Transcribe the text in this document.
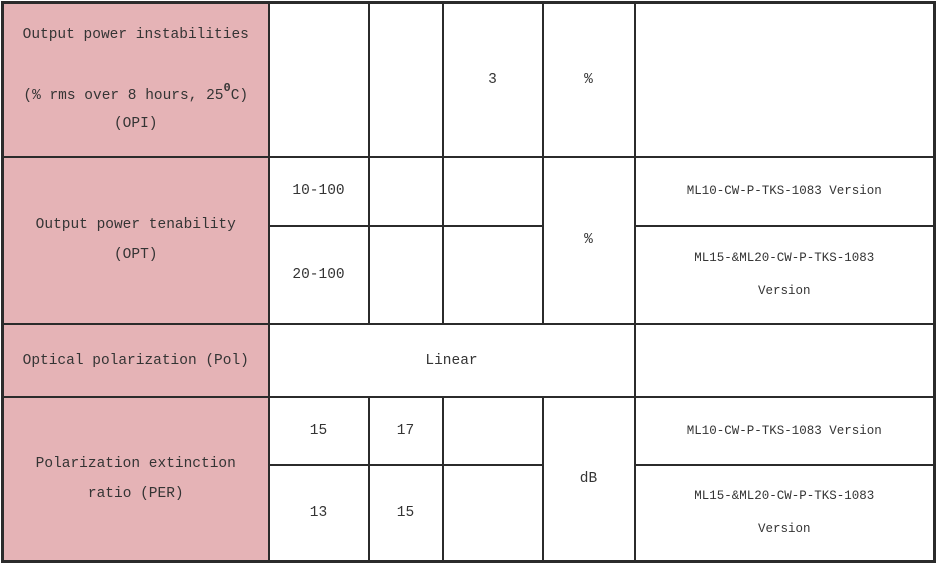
Output power instabilities
(% rms over 8 hours, $25^0C$)
(OPI)			3	%	

Output power tenability
(OPT)	10-100			%	ML10-CW-P-TKS-1083 Version
	20-100				ML15-&ML20-CW-P-TKS-1083 Version
Optical polarization (Pol)	Linear				

Polarization extinction
ratio (PER)	15	17		dB	ML10-CW-P-TKS-1083 Version
	13	15			ML15-&ML20-CW-P-TKS-1083 Version
